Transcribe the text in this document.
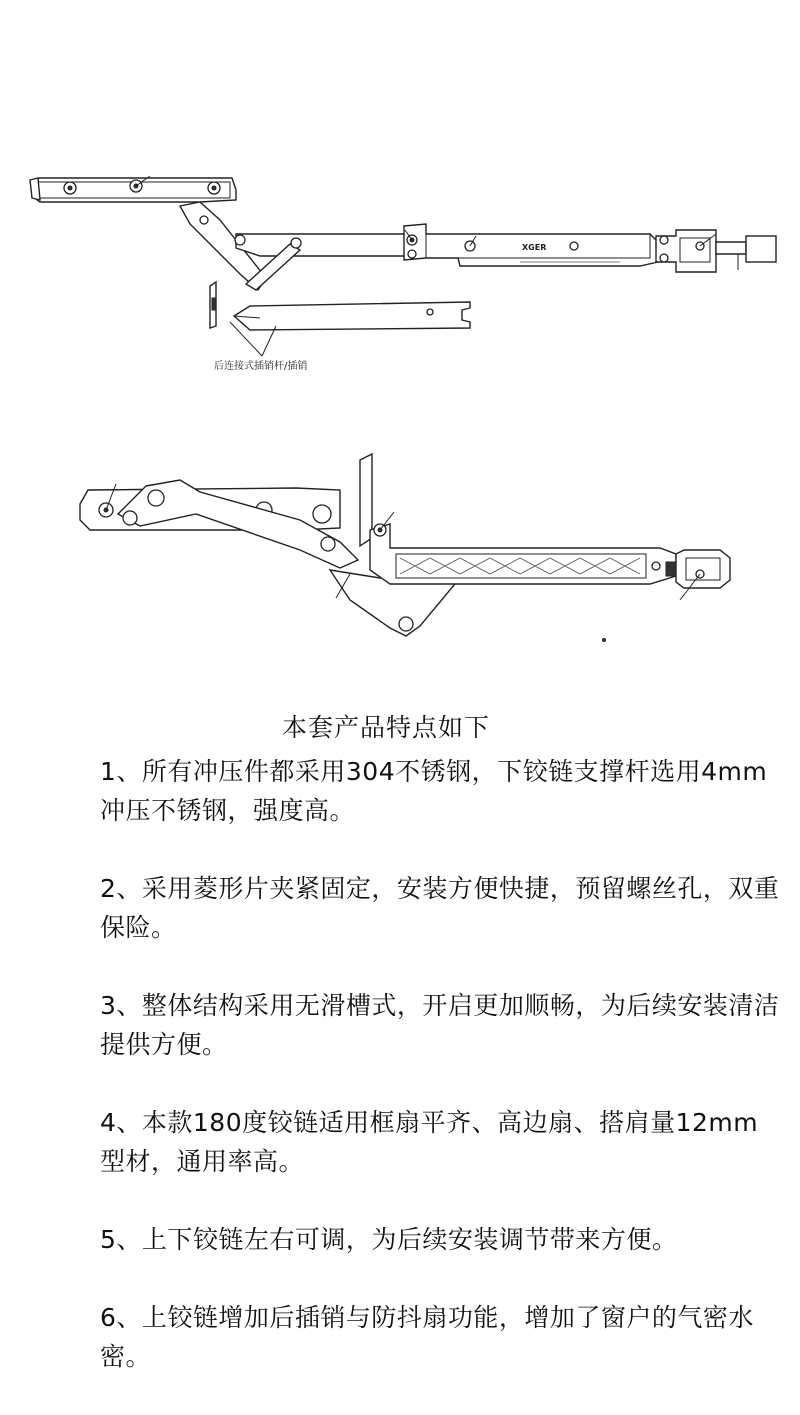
XGER
后连接式插销杆/插销
本套产品特点如下
1、所有冲压件都采用304不锈钢，下铰链支撑杆选用4mm冲压不锈钢，强度高。
2、采用菱形片夹紧固定，安装方便快捷，预留螺丝孔，双重保险。
3、整体结构采用无滑槽式，开启更加顺畅，为后续安装清洁提供方便。
4、本款180度铰链适用框扇平齐、高边扇、搭肩量12mm型材，通用率高。
5、上下铰链左右可调，为后续安装调节带来方便。
6、上铰链增加后插销与防抖扇功能，增加了窗户的气密水密。
